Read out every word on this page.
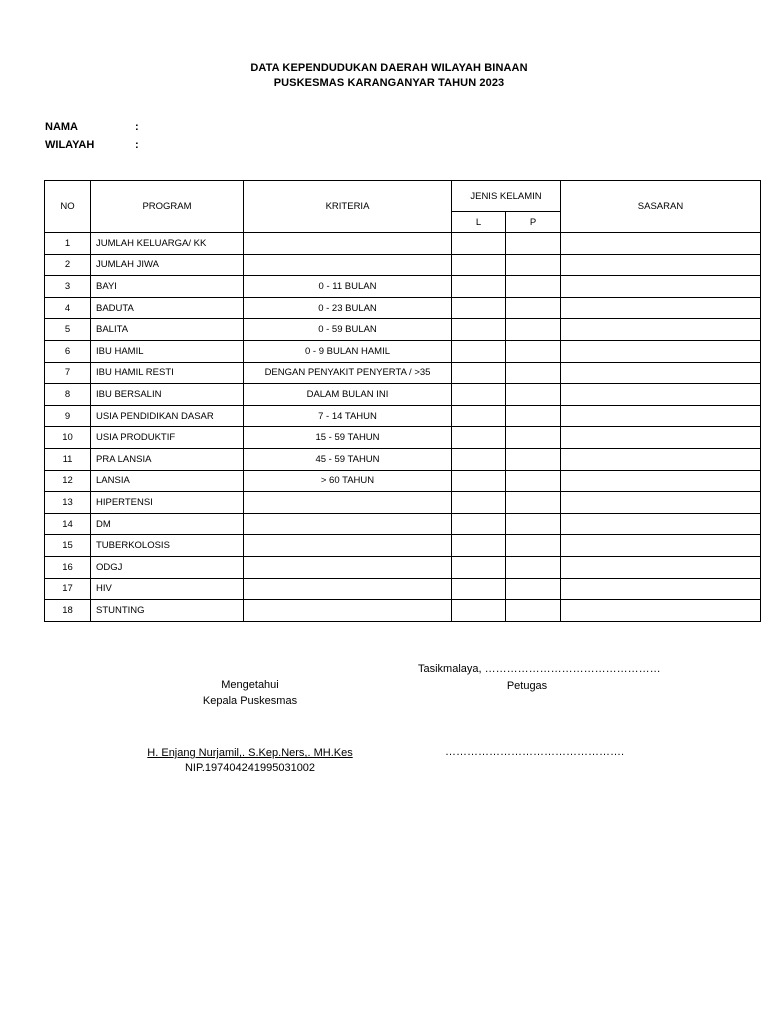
DATA KEPENDUDUKAN DAERAH WILAYAH BINAAN
PUSKESMAS KARANGANYAR TAHUN 2023
NAMA	:
WILAYAH	:
NO	PROGRAM	KRITERIA	JENIS KELAMIN		SASARAN
			L	P	
1	JUMLAH KELUARGA/ KK				
2	JUMLAH JIWA				
3	BAYI	0 - 11 BULAN			
4	BADUTA	0 - 23 BULAN			
5	BALITA	0 - 59 BULAN			
6	IBU HAMIL	0 - 9 BULAN HAMIL			
7	IBU HAMIL RESTI	DENGAN PENYAKIT PENYERTA / >35			
8	IBU BERSALIN	DALAM BULAN INI			
9	USIA PENDIDIKAN DASAR	7 - 14 TAHUN			
10	USIA PRODUKTIF	15 - 59 TAHUN			
11	PRA LANSIA	45 - 59 TAHUN			
12	LANSIA	> 60 TAHUN			
13	HIPERTENSI				
14	DM				
15	TUBERKOLOSIS				
16	ODGJ				
17	HIV				
18	STUNTING				
Tasikmalaya, …………………………………………
Mengetahui
Kepala Puskesmas
Petugas
H. Enjang Nurjamil,. S.Kep.Ners,. MH.Kes
NIP.197404241995031002
………………………………………….
